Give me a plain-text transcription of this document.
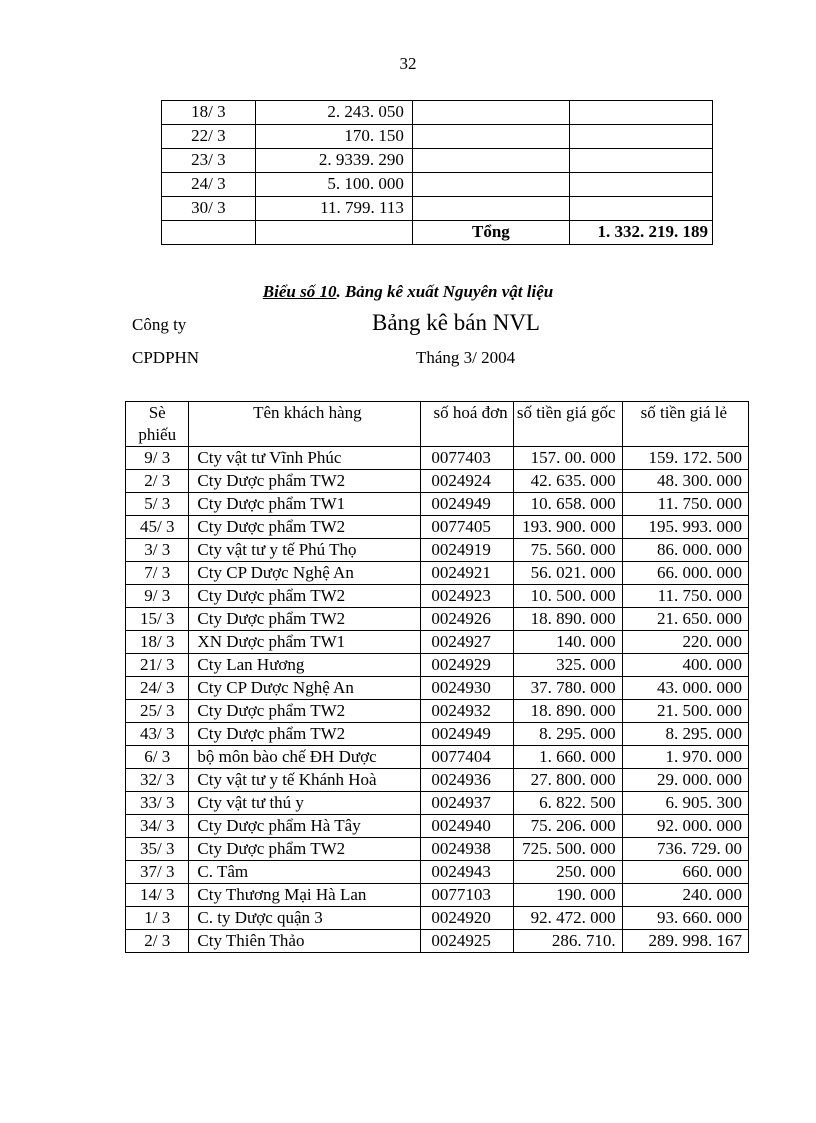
32
18/ 3	2. 243. 050		
22/ 3	170. 150		
23/ 3	2. 9339. 290		
24/ 3	5. 100. 000		
30/ 3	11. 799. 113		
		Tổng	1. 332. 219. 189
Biểu số 10. Bảng kê xuất Nguyên vật liệu
Công ty	Bảng kê bán NVL
CPDPHN	Tháng 3/ 2004
Sè phiếu	Tên khách hàng	số hoá đơn	số tiền giá gốc	số tiền giá lẻ
9/ 3	Cty vật tư Vĩnh Phúc	0077403	157. 00. 000	159. 172. 500
2/ 3	Cty Dược phẩm TW2	0024924	42. 635. 000	48. 300. 000
5/ 3	Cty Dược phẩm TW1	0024949	10. 658. 000	11. 750. 000
45/ 3	Cty Dược phẩm TW2	0077405	193. 900. 000	195. 993. 000
3/ 3	Cty vật tư y tế Phú Thọ	0024919	75. 560. 000	86. 000. 000
7/ 3	Cty CP Dược Nghệ An	0024921	56. 021. 000	66. 000. 000
9/ 3	Cty Dược phẩm TW2	0024923	10. 500. 000	11. 750. 000
15/ 3	Cty Dược phẩm TW2	0024926	18. 890. 000	21. 650. 000
18/ 3	XN Dược phẩm TW1	0024927	140. 000	220. 000
21/ 3	Cty Lan Hương	0024929	325. 000	400. 000
24/ 3	Cty CP Dược Nghệ An	0024930	37. 780. 000	43. 000. 000
25/ 3	Cty Dược phẩm TW2	0024932	18. 890. 000	21. 500. 000
43/ 3	Cty Dược phẩm TW2	0024949	8. 295. 000	8. 295. 000
6/ 3	bộ môn bào chế ĐH Dược	0077404	1. 660. 000	1. 970. 000
32/ 3	Cty vật tư y tế Khánh Hoà	0024936	27. 800. 000	29. 000. 000
33/ 3	Cty vật tư thú y	0024937	6. 822. 500	6. 905. 300
34/ 3	Cty Dược phẩm Hà Tây	0024940	75. 206. 000	92. 000. 000
35/ 3	Cty Dược phẩm TW2	0024938	725. 500. 000	736. 729. 00
37/ 3	C. Tâm	0024943	250. 000	660. 000
14/ 3	Cty Thương Mại Hà Lan	0077103	190. 000	240. 000
1/ 3	C. ty Dược quận 3	0024920	92. 472. 000	93. 660. 000
2/ 3	Cty Thiên Thảo	0024925	286. 710.	289. 998. 167
